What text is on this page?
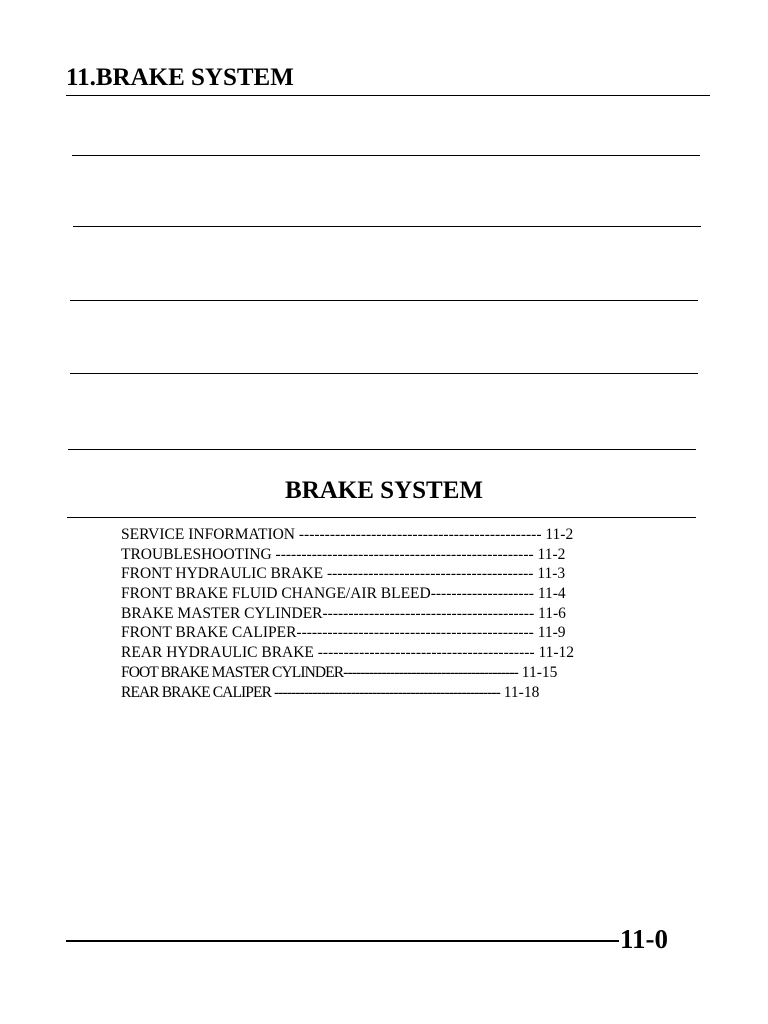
11.BRAKE SYSTEM
BRAKE SYSTEM
SERVICE INFORMATION ----------------------------------------------- 11-2
TROUBLESHOOTING -------------------------------------------------- 11-2
FRONT HYDRAULIC BRAKE ---------------------------------------- 11-3
FRONT BRAKE FLUID CHANGE/AIR BLEED-------------------- 11-4
BRAKE MASTER CYLINDER----------------------------------------- 11-6
FRONT BRAKE CALIPER---------------------------------------------- 11-9
REAR HYDRAULIC BRAKE ------------------------------------------ 11-12
FOOT BRAKE MASTER CYLINDER----------------------------------------- 11-15
REAR BRAKE CALIPER ----------------------------------------------------- 11-18
11-0
